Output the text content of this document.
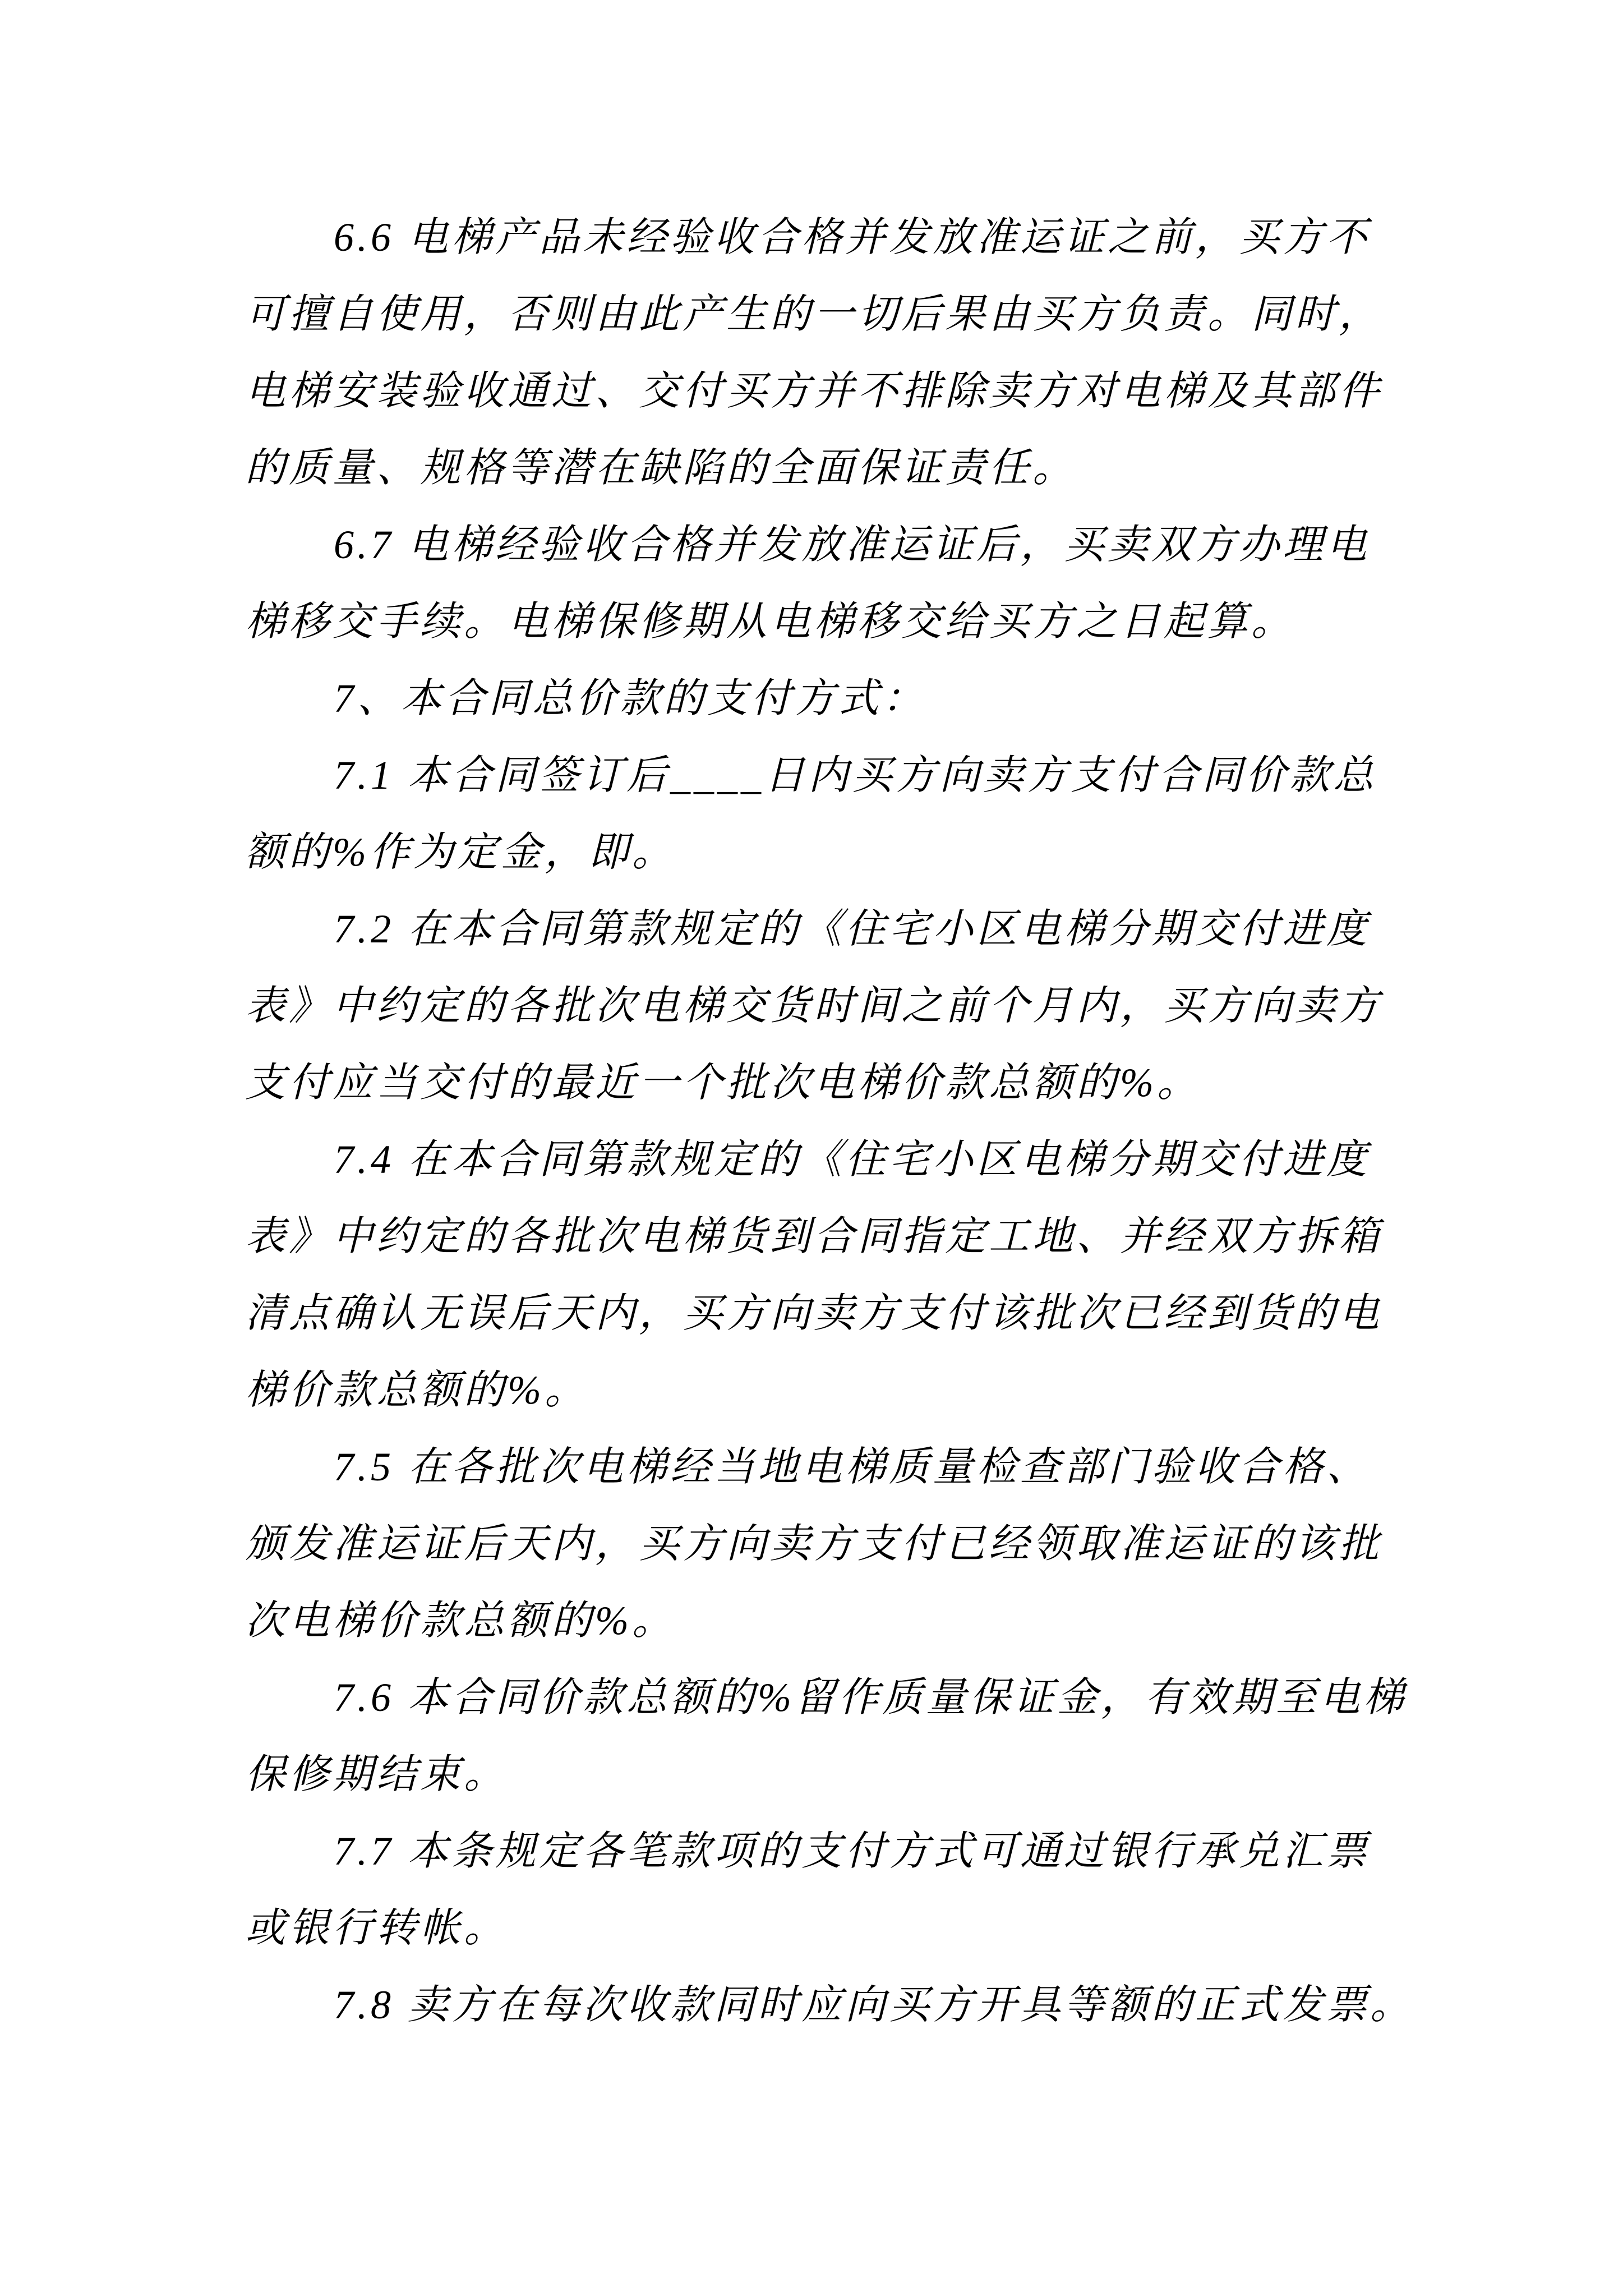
6.6 电梯产品未经验收合格并发放准运证之前，买方不
可擅自使用，否则由此产生的一切后果由买方负责。同时，
电梯安装验收通过、交付买方并不排除卖方对电梯及其部件
的质量、规格等潜在缺陷的全面保证责任。
6.7 电梯经验收合格并发放准运证后，买卖双方办理电
梯移交手续。电梯保修期从电梯移交给买方之日起算。
7、本合同总价款的支付方式：
7.1 本合同签订后____日内买方向卖方支付合同价款总
额的%作为定金，即。
7.2 在本合同第款规定的《住宅小区电梯分期交付进度
表》中约定的各批次电梯交货时间之前个月内，买方向卖方
支付应当交付的最近一个批次电梯价款总额的%。
7.4 在本合同第款规定的《住宅小区电梯分期交付进度
表》中约定的各批次电梯货到合同指定工地、并经双方拆箱
清点确认无误后天内，买方向卖方支付该批次已经到货的电
梯价款总额的%。
7.5 在各批次电梯经当地电梯质量检查部门验收合格、
颁发准运证后天内，买方向卖方支付已经领取准运证的该批
次电梯价款总额的%。
7.6 本合同价款总额的%留作质量保证金，有效期至电梯
保修期结束。
7.7 本条规定各笔款项的支付方式可通过银行承兑汇票
或银行转帐。
7.8 卖方在每次收款同时应向买方开具等额的正式发票。
